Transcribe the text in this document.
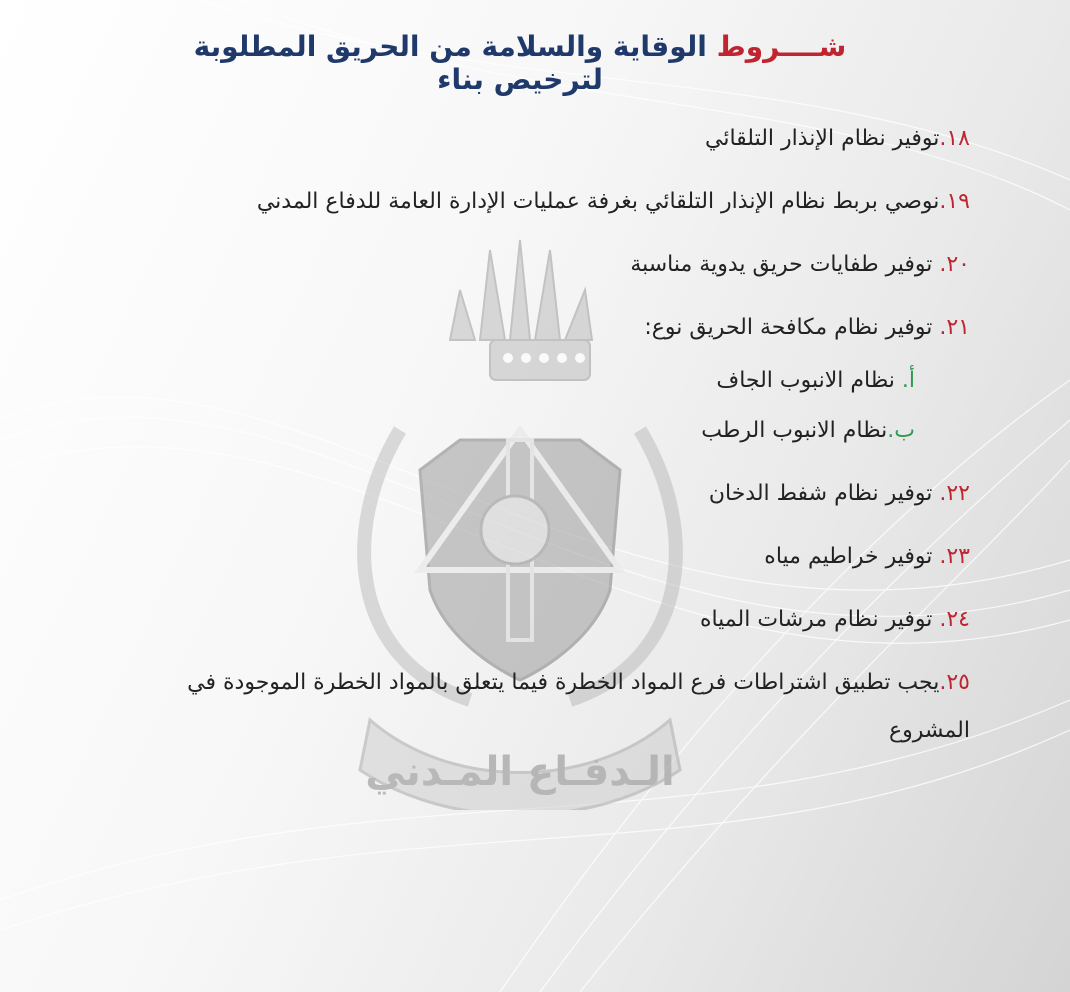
الـدفـاع المـدني
شــــروط الوقاية والسلامة من الحريق المطلوبة لترخيص بناء
١٨.توفير نظام الإنذار التلقائي
١٩.نوصي بربط نظام الإنذار التلقائي بغرفة عمليات الإدارة العامة للدفاع المدني
٢٠. توفير طفايات حريق يدوية مناسبة
٢١. توفير نظام مكافحة الحريق نوع:
أ. نظام الانبوب الجاف
ب.نظام الانبوب الرطب
٢٢. توفير نظام شفط الدخان
٢٣. توفير خراطيم مياه
٢٤. توفير نظام مرشات المياه
٢٥.يجب تطبيق اشتراطات فرع المواد الخطرة فيما يتعلق بالمواد الخطرة الموجودة في
المشروع
